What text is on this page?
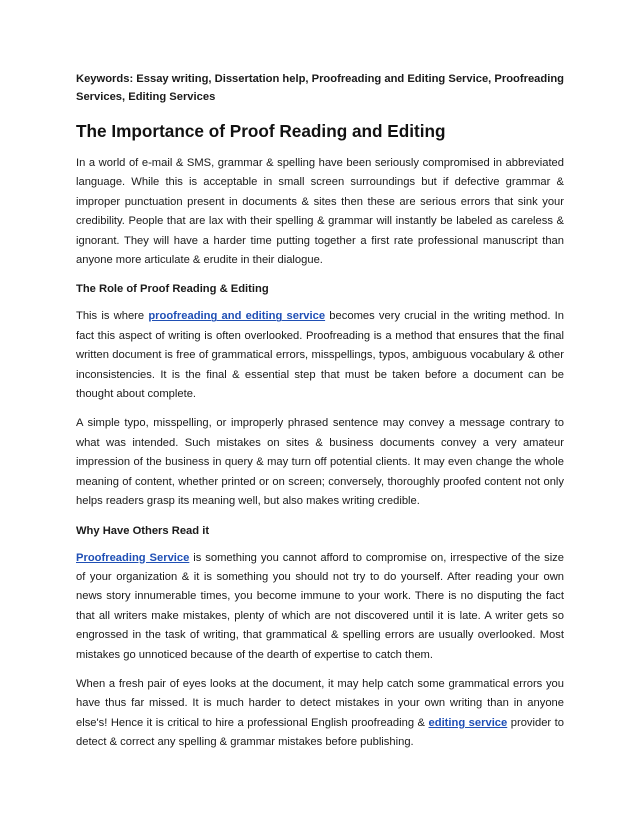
Keywords: Essay writing, Dissertation help, Proofreading and Editing Service, Proofreading Services, Editing Services
The Importance of Proof Reading and Editing

In a world of e-mail & SMS, grammar & spelling have been seriously compromised in abbreviated language. While this is acceptable in small screen surroundings but if defective grammar & improper punctuation present in documents & sites then these are serious errors that sink your credibility. People that are lax with their spelling & grammar will instantly be labeled as careless & ignorant. They will have a harder time putting together a first rate professional manuscript than anyone more articulate & erudite in their dialogue.

The Role of Proof Reading & Editing

This is where proofreading and editing service becomes very crucial in the writing method. In fact this aspect of writing is often overlooked. Proofreading is a method that ensures that the final written document is free of grammatical errors, misspellings, typos, ambiguous vocabulary & other inconsistencies. It is the final & essential step that must be taken before a document can be thought about complete.

A simple typo, misspelling, or improperly phrased sentence may convey a message contrary to what was intended. Such mistakes on sites & business documents convey a very amateur impression of the business in query & may turn off potential clients. It may even change the whole meaning of content, whether printed or on screen; conversely, thoroughly proofed content not only helps readers grasp its meaning well, but also makes writing credible.

Why Have Others Read it

Proofreading Service is something you cannot afford to compromise on, irrespective of the size of your organization & it is something you should not try to do yourself. After reading your own news story innumerable times, you become immune to your work. There is no disputing the fact that all writers make mistakes, plenty of which are not discovered until it is late. A writer gets so engrossed in the task of writing, that grammatical & spelling errors are usually overlooked. Most mistakes go unnoticed because of the dearth of expertise to catch them.

When a fresh pair of eyes looks at the document, it may help catch some grammatical errors you have thus far missed. It is much harder to detect mistakes in your own writing than in anyone else's! Hence it is critical to hire a professional English proofreading & editing service provider to detect & correct any spelling & grammar mistakes before publishing.
